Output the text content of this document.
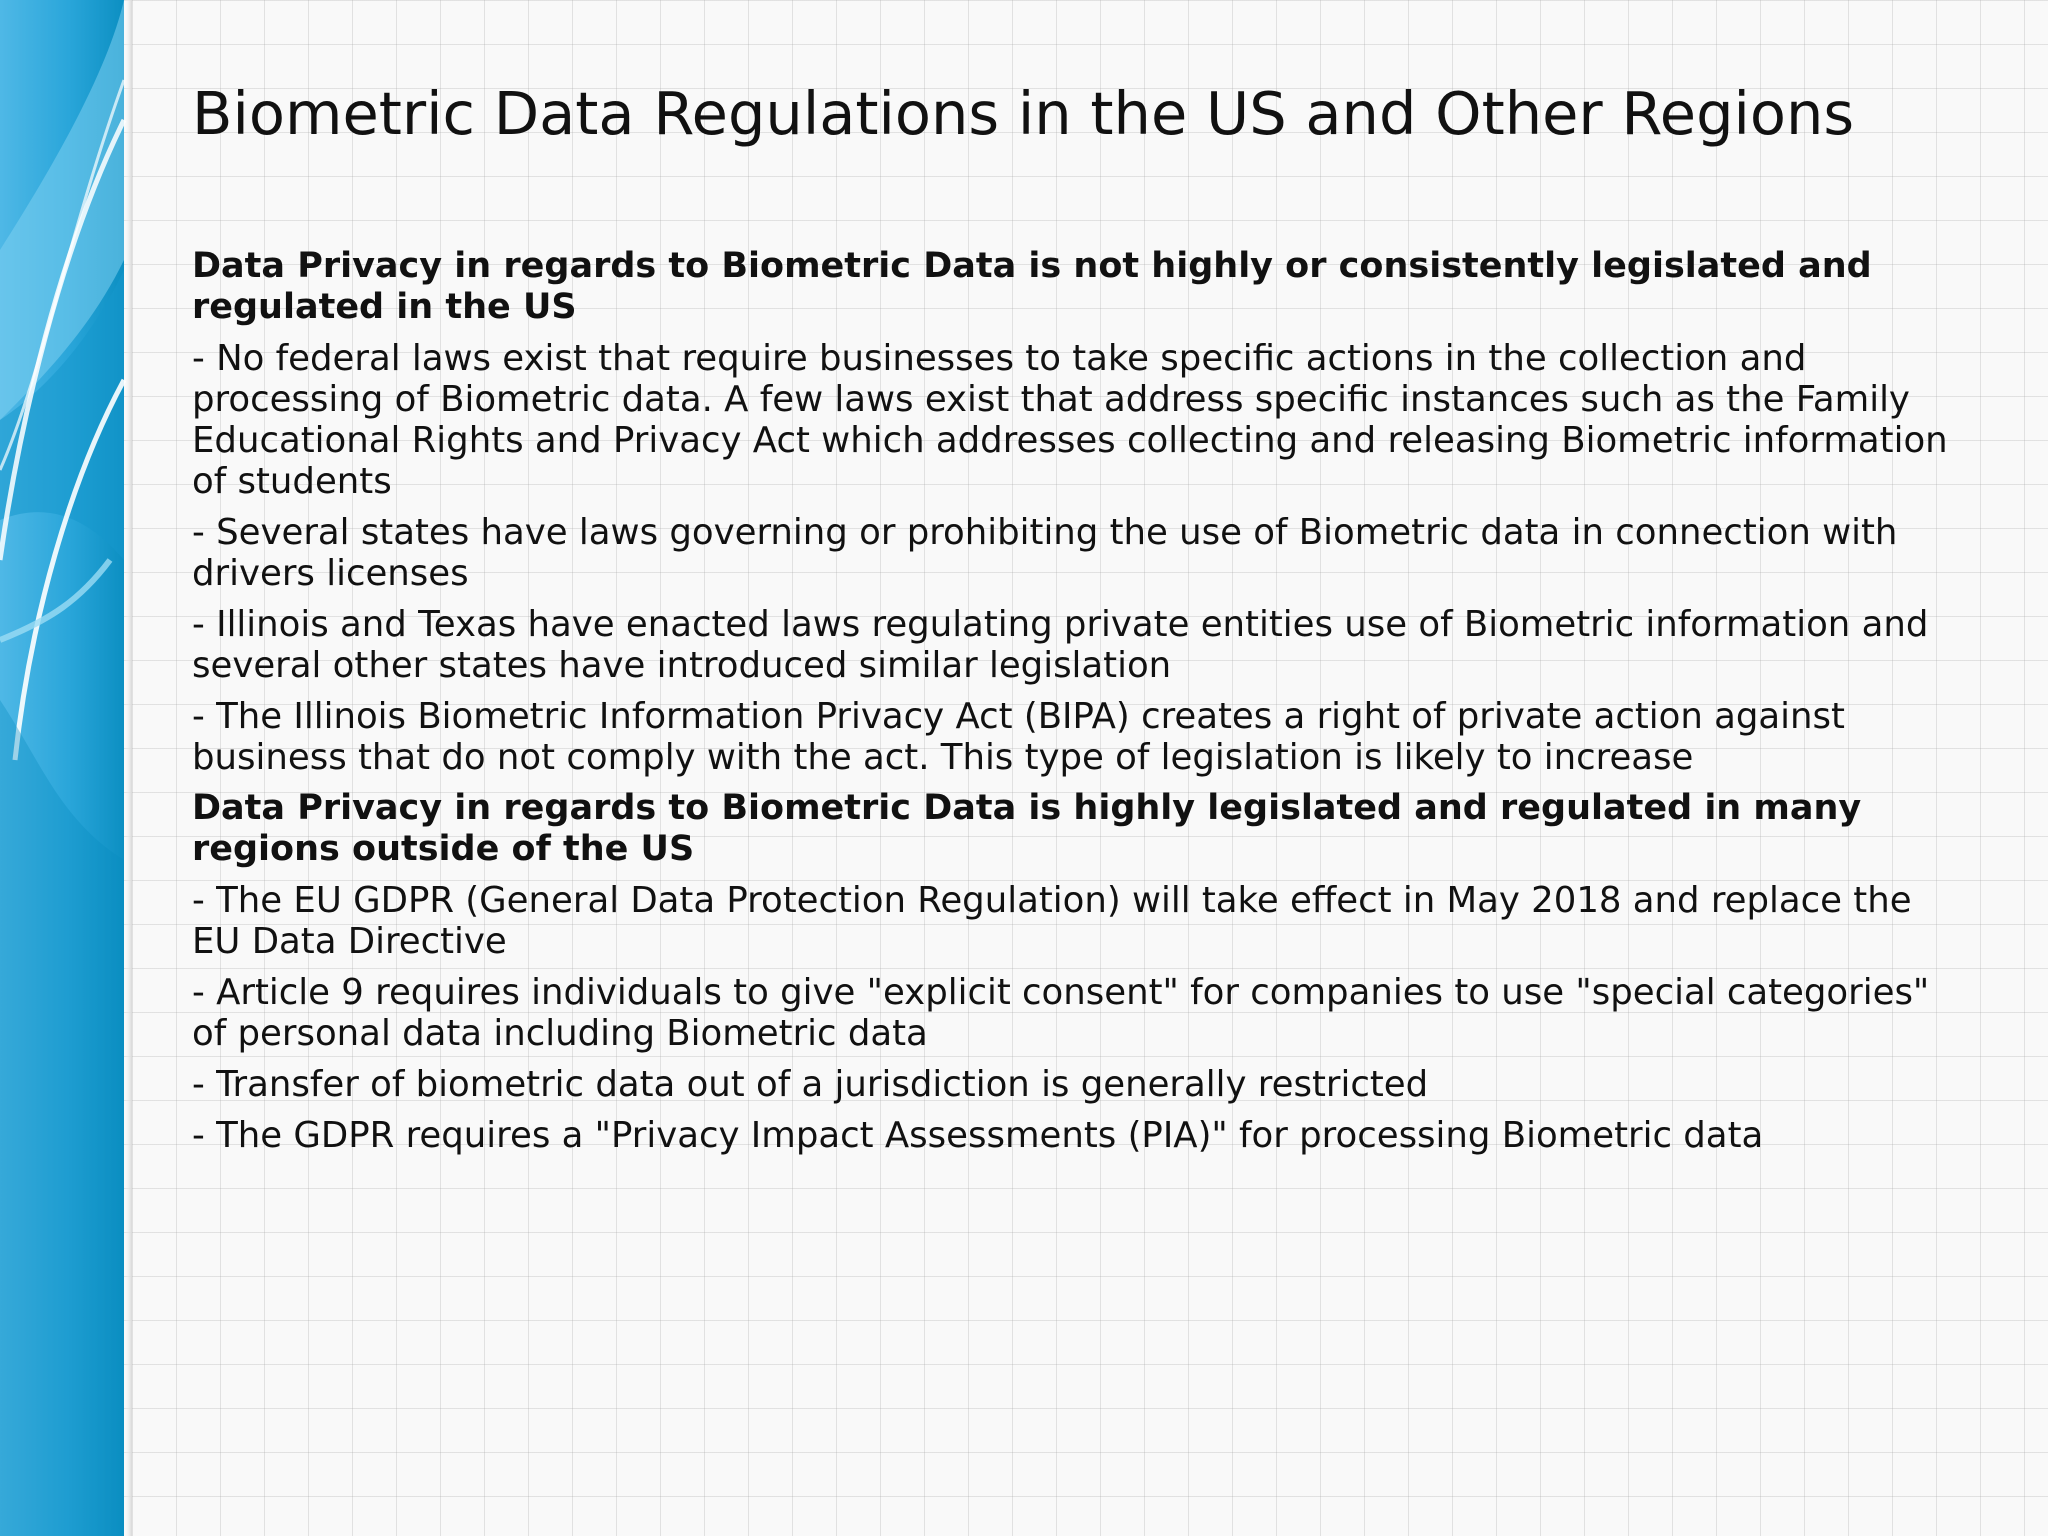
Biometric Data Regulations in the US and Other Regions

Data Privacy in regards to Biometric Data is not highly or consistently legislated and regulated in the US

- No federal laws exist that require businesses to take specific actions in the collection and processing of Biometric data. A few laws exist that address specific instances such as the Family Educational Rights and Privacy Act which addresses collecting and releasing Biometric information of students

- Several states have laws governing or prohibiting the use of Biometric data in connection with drivers licenses

- Illinois and Texas have enacted laws regulating private entities use of Biometric information and several other states have introduced similar legislation

- The Illinois Biometric Information Privacy Act (BIPA) creates a right of private action against business that do not comply with the act. This type of legislation is likely to increase

Data Privacy in regards to Biometric Data is highly legislated and regulated in many regions outside of the US

- The EU GDPR (General Data Protection Regulation) will take effect in May 2018 and replace the EU Data Directive

- Article 9 requires individuals to give "explicit consent" for companies to use "special categories" of personal data including Biometric data

- Transfer of biometric data out of a jurisdiction is generally restricted

- The GDPR requires a "Privacy Impact Assessments (PIA)" for processing Biometric data
